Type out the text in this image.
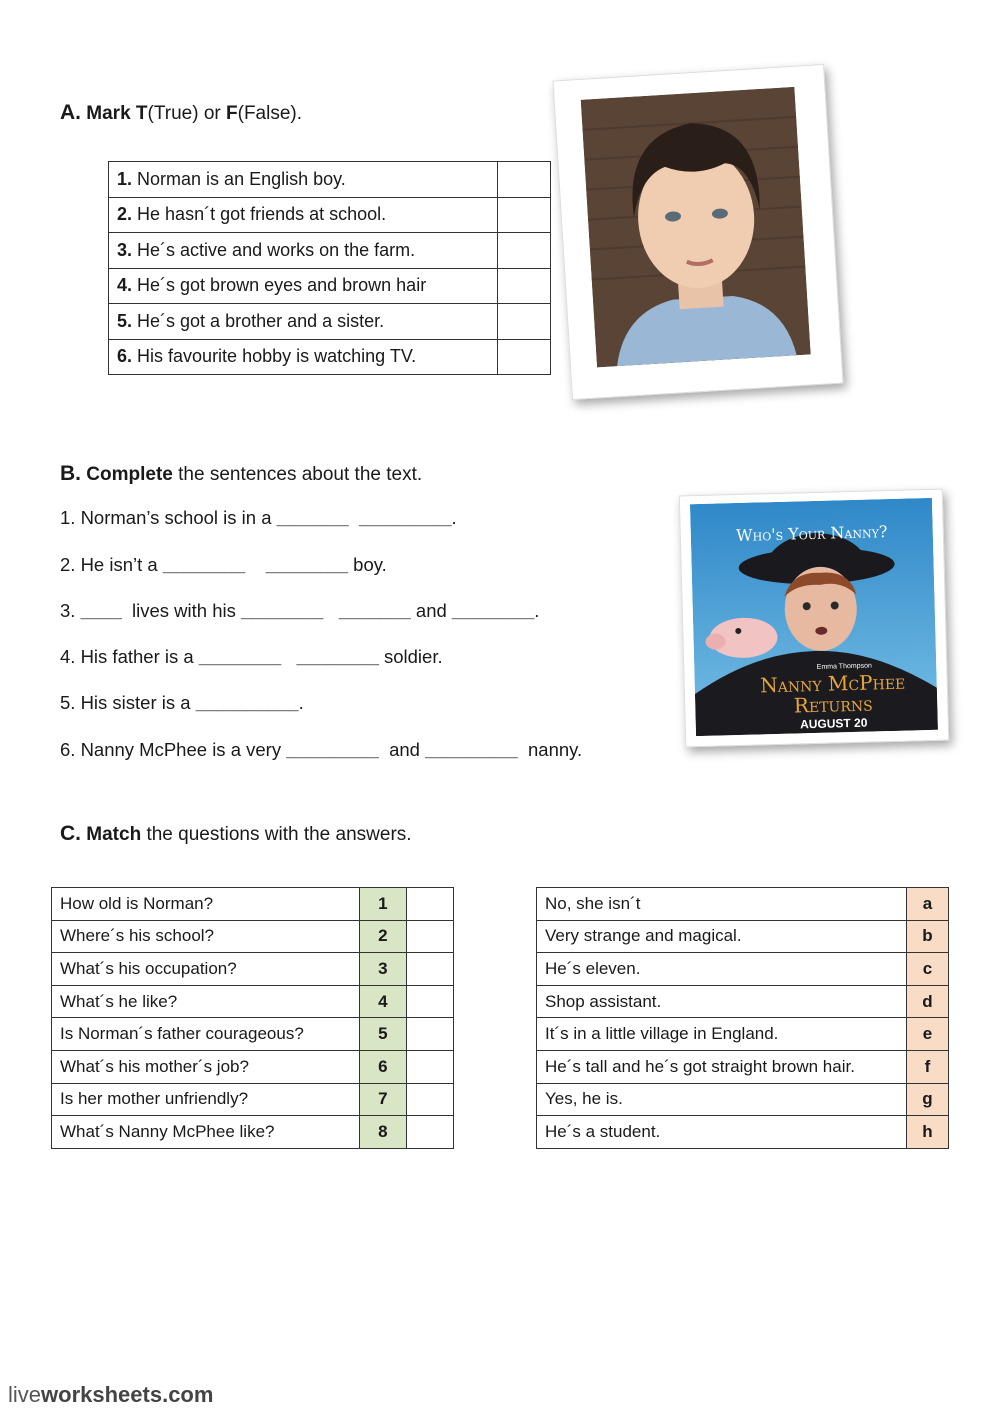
A. Mark T(True) or F(False).
1. Norman is an English boy.	
2. He hasn´t got friends at school.	
3. He´s active and works on the farm.	
4. He´s got brown eyes and brown hair	
5. He´s got a brother and a sister.	
6. His favourite hobby is watching TV.	
B. Complete the sentences about the text.
1. Norman’s school is in a _______ _________.
2. He isn’t a ________ ________ boy.
3. ____  lives with his ________ _______ and ________.
4. His father is a ________ ________ soldier.
5. His sister is a __________.
6. Nanny McPhee is a very _________  and _________  nanny.
Who's Your Nanny?
Emma Thompson
Nanny McPhee
Returns
AUGUST 20
C. Match the questions with the answers.
How old is Norman?	1	
Where´s his school?	2	
What´s his occupation?	3	
What´s he like?	4	
Is Norman´s father courageous?	5	
What´s his mother´s job?	6	
Is her mother unfriendly?	7	
What´s Nanny McPhee like?	8	
No, she isn´t	a
Very strange and magical.	b
He´s eleven.	c
Shop assistant.	d
It´s in a little village in England.	e
He´s tall and he´s got straight brown hair.	f
Yes, he is.	g
He´s a student.	h
liveworksheets.com
